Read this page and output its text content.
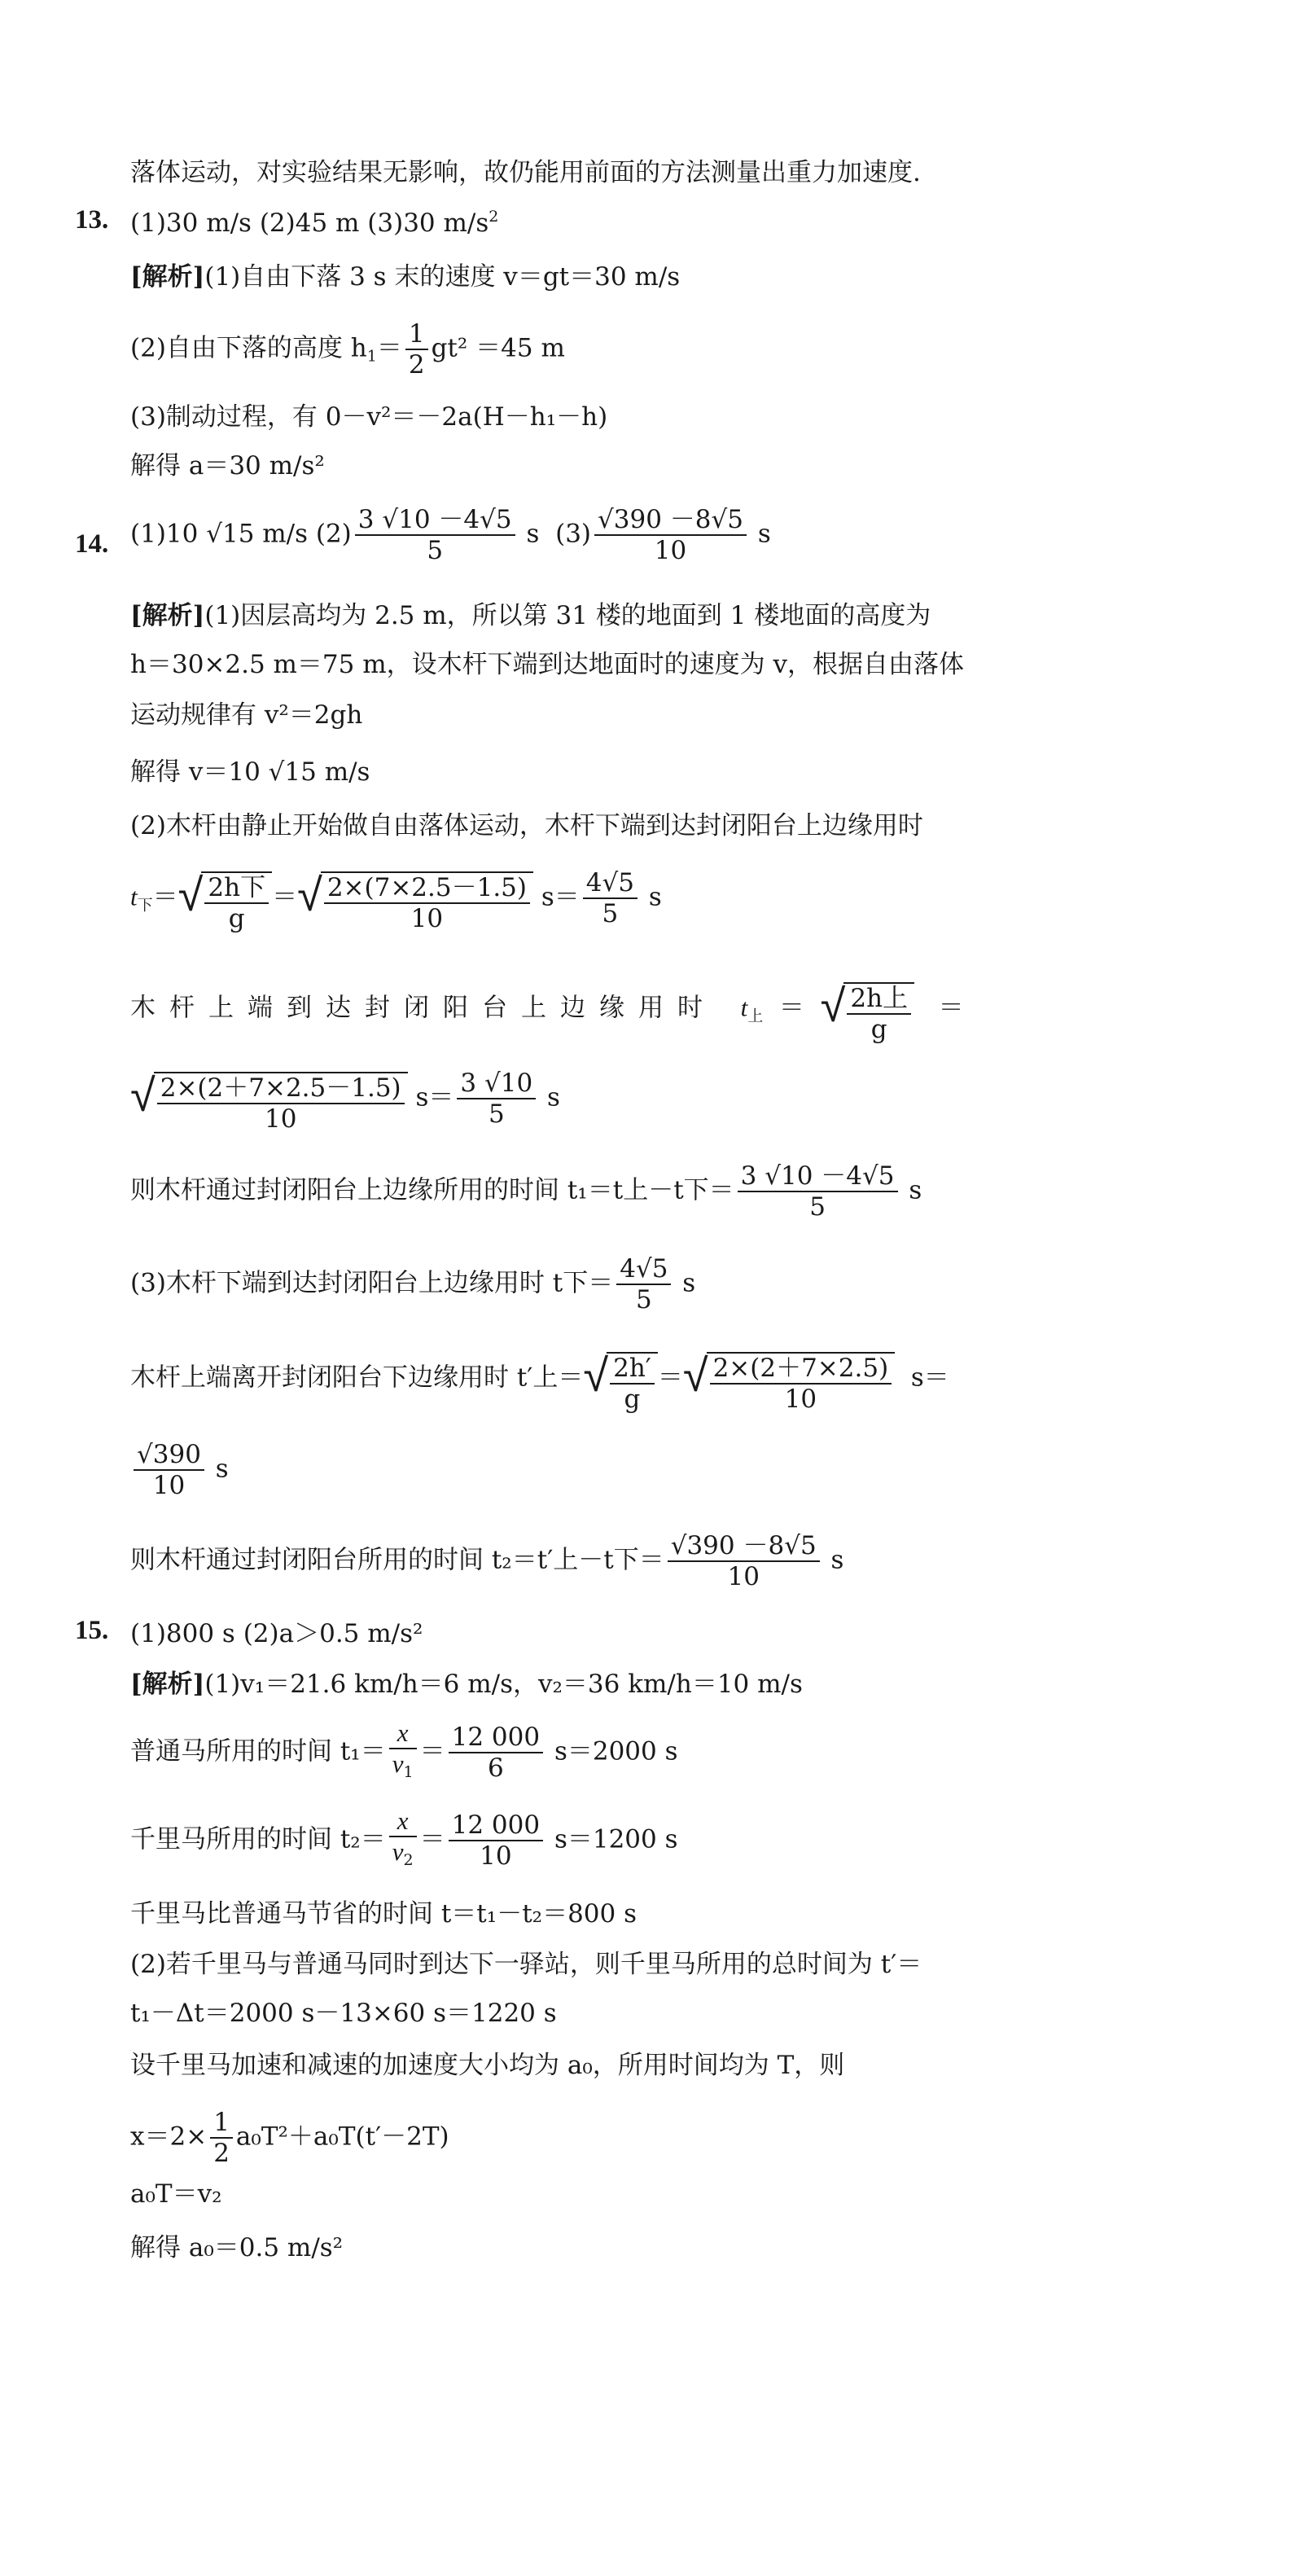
落体运动，对实验结果无影响，故仍能用前面的方法测量出重力加速度.
13. (1)30 m/s (2)45 m (3)30 $m/s^2$
[解析](1)自由下落 3 s 末的速度 v＝gt＝30 m/s
(2)自由下落的高度 $h_1= \frac{1}{2} gt^2 =45$ m
(3)制动过程，有 0－v²＝－2a(H－h₁－h)
解得 a＝30 m/s²
14. (1)10 √15 m/s $(2) \frac{3 √10 -4√5}{5}$ s  $(3) \frac{√390 -8√5}{10}$ s
[解析](1)因层高均为 2.5 m，所以第 31 楼的地面到 1 楼地面的高度为
h＝30×2.5 m＝75 m，设木杆下端到达地面时的速度为 v，根据自由落体
运动规律有 v²＝2gh
解得 v＝10 √15 m/s
(2)木杆由静止开始做自由落体运动，木杆下端到达封闭阳台上边缘用时
$t_下=$ √ $\frac{\text{2h下}}{g}$ ＝ √ $\frac{2\times(7\times 2.5-1.5)}{10} s= \frac{4√5}{5}$ s
木杆上端到达封闭阳台上边缘用时 $t_上$  ＝ √ $\frac{\text{2h上}}{g}$ ＝
√ $\frac{2\times(2+7\times 2.5-1.5)}{10} s= \frac{3 √10}{5}$ s
则木杆通过封闭阳台上边缘所用的时间 t₁＝t上－t下＝ $\frac{3 √10 -4√5}{5}$ s
(3)木杆下端到达封闭阳台上边缘用时 t下＝ $\frac{4√5}{5}$ s
木杆上端离开封闭阳台下边缘用时 t′上＝ √ $\frac{2h'}{g}$ ＝ √ $\frac{2\times(2+7\times 2.5)}{10} s=$
$\frac{√390}{10}$ s
则木杆通过封闭阳台所用的时间 t₂＝t′上－t下＝ $\frac{√390 -8√5}{10}$ s
15. (1)800 s (2)a＞0.5 m/s²
[解析](1)v₁＝21.6 km/h＝6 m/s，v₂＝36 km/h＝10 m/s
普通马所用的时间 $t_1= \frac{x}{v_1} = \frac{12 000}{6} s=2000$ s
千里马所用的时间 $t_2= \frac{x}{v_2} = \frac{12 000}{10} s=1200$ s
千里马比普通马节省的时间 t＝t₁－t₂＝800 s
(2)若千里马与普通马同时到达下一驿站，则千里马所用的总时间为 t′＝
t₁－Δt＝2000 s－13×60 s＝1220 s
设千里马加速和减速的加速度大小均为 a₀，所用时间均为 T，则
$x=2\times \frac{1}{2} a_0T^2+a_0T(t'-2T)$
a₀T＝v₂
解得 a₀＝0.5 m/s²
